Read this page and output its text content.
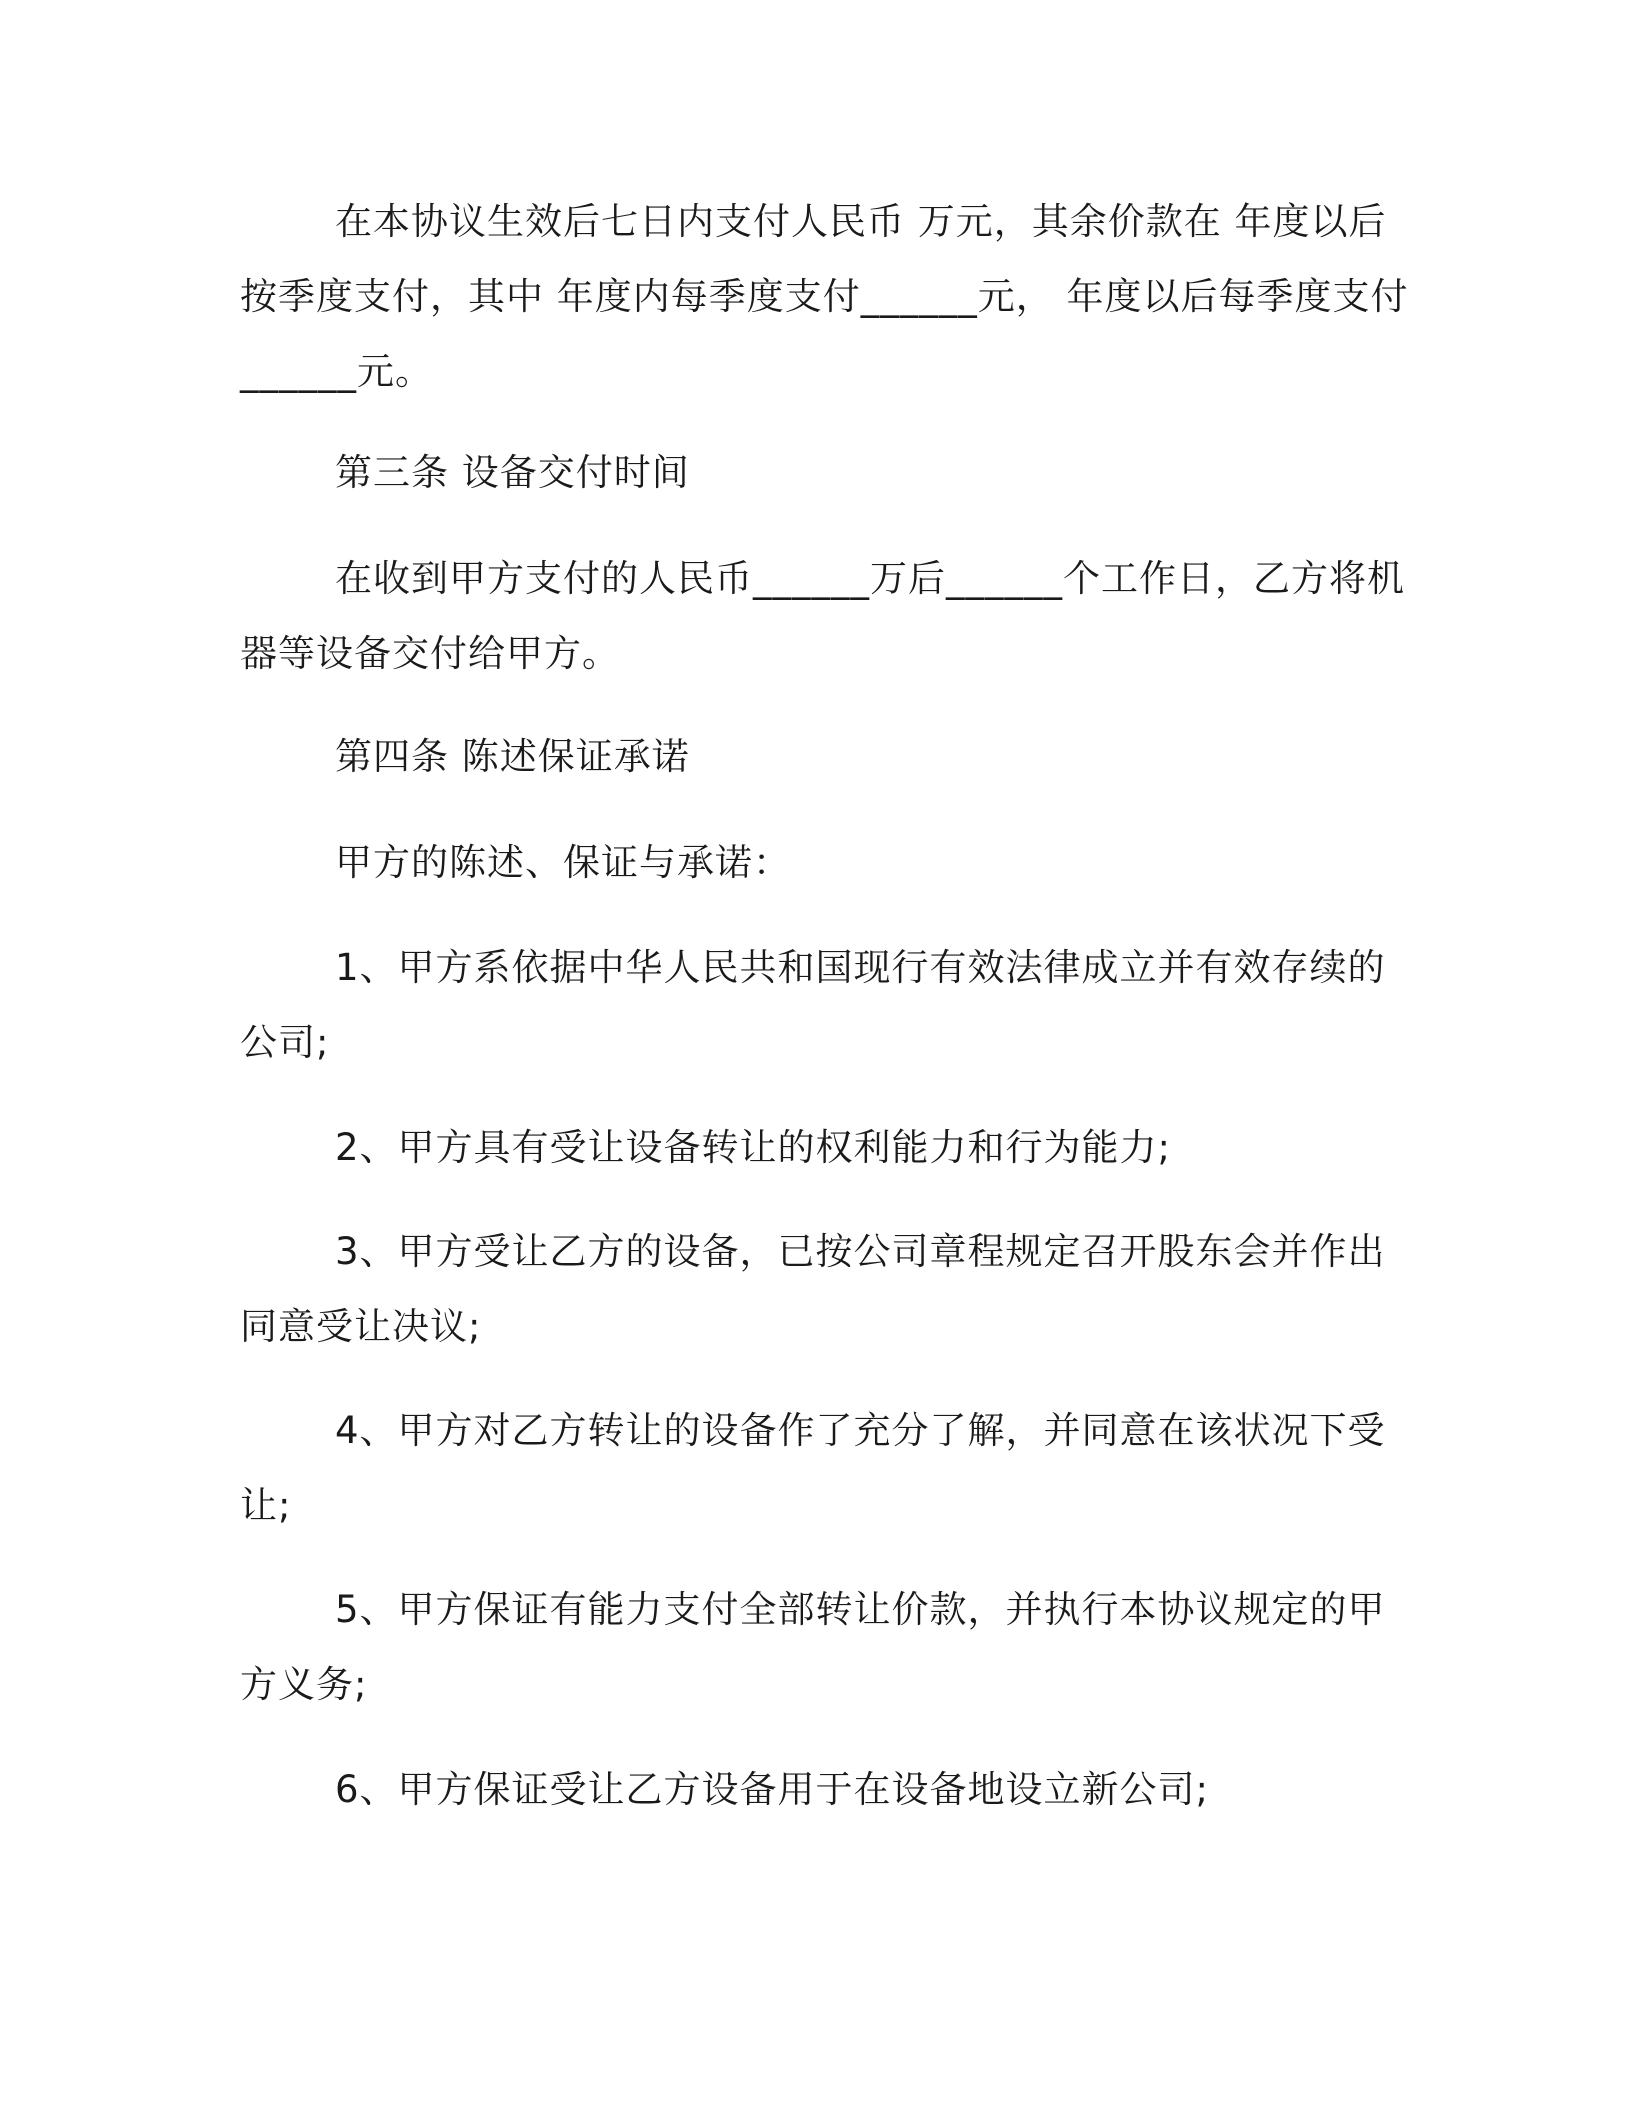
在本协议生效后七日内支付人民币 万元，其余价款在 年度以后
按季度支付，其中 年度内每季度支付______元， 年度以后每季度支付
______元。
第三条 设备交付时间
在收到甲方支付的人民币______万后______个工作日，乙方将机
器等设备交付给甲方。
第四条 陈述保证承诺
甲方的陈述、保证与承诺：
1、甲方系依据中华人民共和国现行有效法律成立并有效存续的
公司;
2、甲方具有受让设备转让的权利能力和行为能力;
3、甲方受让乙方的设备，已按公司章程规定召开股东会并作出
同意受让决议;
4、甲方对乙方转让的设备作了充分了解，并同意在该状况下受
让;
5、甲方保证有能力支付全部转让价款，并执行本协议规定的甲
方义务;
6、甲方保证受让乙方设备用于在设备地设立新公司;
